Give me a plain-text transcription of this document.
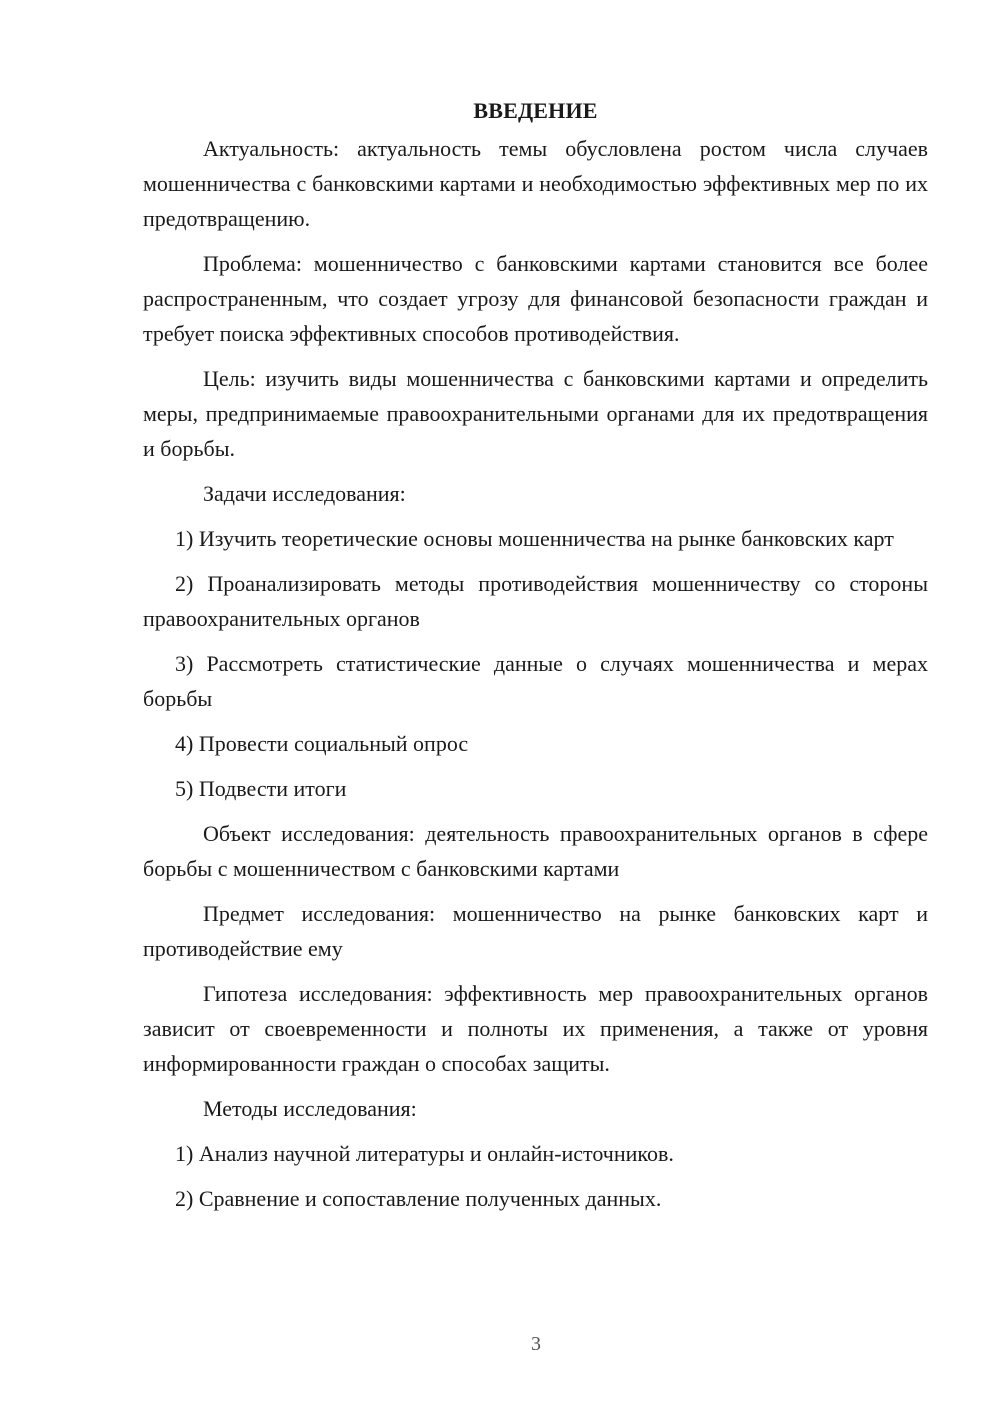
ВВЕДЕНИЕ

Актуальность: актуальность темы обусловлена ростом числа случаев мошенничества с банковскими картами и необходимостью эффективных мер по их предотвращению.

Проблема: мошенничество с банковскими картами становится все более распространенным, что создает угрозу для финансовой безопасности граждан и требует поиска эффективных способов противодействия.

Цель: изучить виды мошенничества с банковскими картами и определить меры, предпринимаемые правоохранительными органами для их предотвращения и борьбы.

Задачи исследования:

1) Изучить теоретические основы мошенничества на рынке банковских карт

2) Проанализировать методы противодействия мошенничеству со стороны правоохранительных органов

3) Рассмотреть статистические данные о случаях мошенничества и мерах борьбы

4) Провести социальный опрос

5) Подвести итоги

Объект исследования: деятельность правоохранительных органов в сфере борьбы с мошенничеством с банковскими картами

Предмет исследования: мошенничество на рынке банковских карт и противодействие ему

Гипотеза исследования: эффективность мер правоохранительных органов зависит от своевременности и полноты их применения, а также от уровня информированности граждан о способах защиты.

Методы исследования:

1) Анализ научной литературы и онлайн-источников.

2) Сравнение и сопоставление полученных данных.

3
